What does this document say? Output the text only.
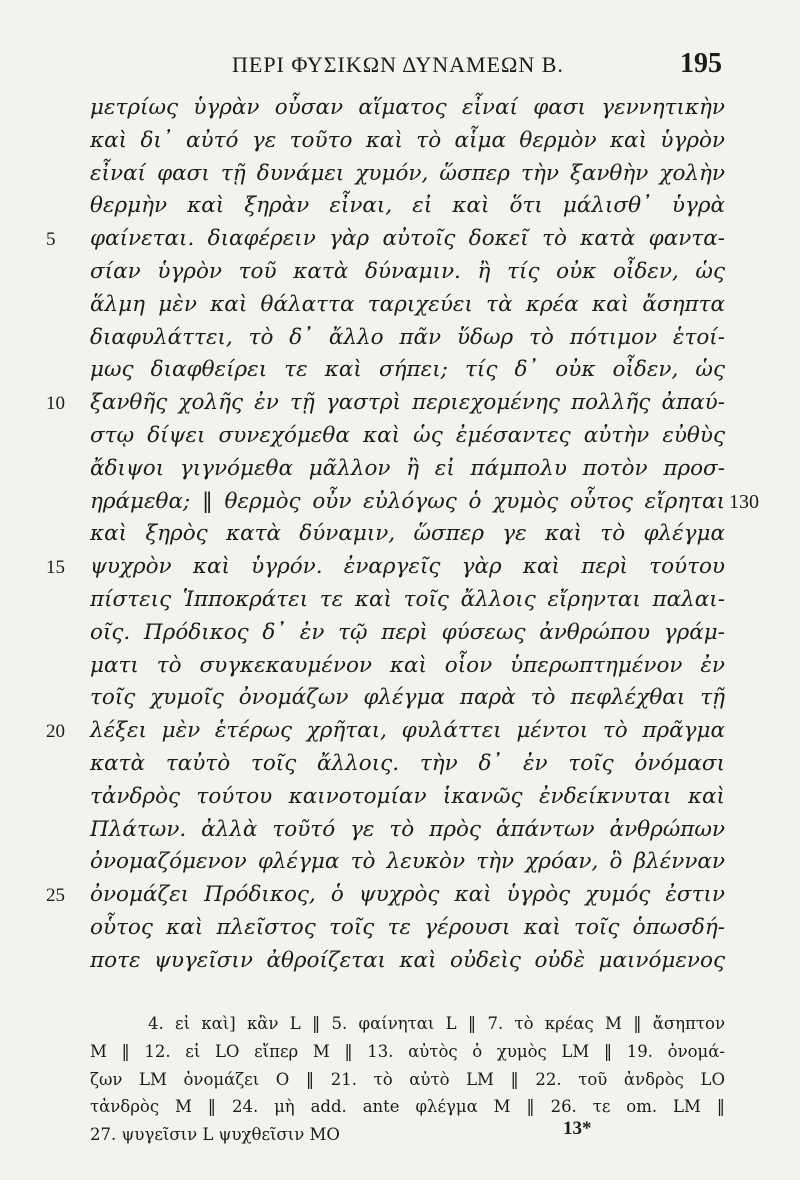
ΠΕΡΙ ΦΥΣΙΚΩΝ ΔΥΝΑΜΕΩΝ Β.	195
μετρίως ὑγρὰν οὖσαν αἵματος εἶναί φασι γεννητικὴν
καὶ δι᾽ αὐτό γε τοῦτο καὶ τὸ αἷμα θερμὸν καὶ ὑγρὸν
εἶναί φασι τῇ δυνάμει χυμόν, ὥσπερ τὴν ξανθὴν χολὴν
θερμὴν καὶ ξηρὰν εἶναι, εἰ καὶ ὅτι μάλισθ᾽ ὑγρὰ
5 φαίνεται. διαφέρειν γὰρ αὐτοῖς δοκεῖ τὸ κατὰ φαντα-
σίαν ὑγρὸν τοῦ κατὰ δύναμιν. ἢ τίς οὐκ οἶδεν, ὡς
ἅλμη μὲν καὶ θάλαττα ταριχεύει τὰ κρέα καὶ ἄσηπτα
διαφυλάττει, τὸ δ᾽ ἄλλο πᾶν ὕδωρ τὸ πότιμον ἑτοί-
μως διαφθείρει τε καὶ σήπει; τίς δ᾽ οὐκ οἶδεν, ὡς
10 ξανθῆς χολῆς ἐν τῇ γαστρὶ περιεχομένης πολλῆς ἀπαύ-
στῳ δίψει συνεχόμεθα καὶ ὡς ἐμέσαντες αὐτὴν εὐθὺς
ἄδιψοι γιγνόμεθα μᾶλλον ἢ εἰ πάμπολυ ποτὸν προσ-
ηράμεθα; ‖ θερμὸς οὖν εὐλόγως ὁ χυμὸς οὗτος εἴρηται 130
καὶ ξηρὸς κατὰ δύναμιν, ὥσπερ γε καὶ τὸ φλέγμα
15 ψυχρὸν καὶ ὑγρόν. ἐναργεῖς γὰρ καὶ περὶ τούτου
πίστεις Ἱπποκράτει τε καὶ τοῖς ἄλλοις εἴρηνται παλαι-
οῖς. Πρόδικος δ᾽ ἐν τῷ περὶ φύσεως ἀνθρώπου γράμ-
ματι τὸ συγκεκαυμένον καὶ οἷον ὑπερωπτημένον ἐν
τοῖς χυμοῖς ὀνομάζων φλέγμα παρὰ τὸ πεφλέχθαι τῇ
20 λέξει μὲν ἑτέρως χρῆται, φυλάττει μέντοι τὸ πρᾶγμα
κατὰ ταὐτὸ τοῖς ἄλλοις. τὴν δ᾽ ἐν τοῖς ὀνόμασι
τἀνδρὸς τούτου καινοτομίαν ἱκανῶς ἐνδείκνυται καὶ
Πλάτων. ἀλλὰ τοῦτό γε τὸ πρὸς ἁπάντων ἀνθρώπων
ὀνομαζόμενον φλέγμα τὸ λευκὸν τὴν χρόαν, ὃ βλένναν
25 ὀνομάζει Πρόδικος, ὁ ψυχρὸς καὶ ὑγρὸς χυμός ἐστιν
οὗτος καὶ πλεῖστος τοῖς τε γέρουσι καὶ τοῖς ὁπωσδή-
ποτε ψυγεῖσιν ἀθροίζεται καὶ οὐδεὶς οὐδὲ μαινόμενος
4. εἰ καὶ] κἂν L ‖ 5. φαίνηται L ‖ 7. τὸ κρέας M ‖ ἄσηπτον
M ‖ 12. εἰ LO εἴπερ M ‖ 13. αὐτὸς ὁ χυμὸς LM ‖ 19. ὀνομά-
ζων LM ὀνομάζει O ‖ 21. τὸ αὐτὸ LM ‖ 22. τοῦ ἀνδρὸς LO
τἀνδρὸς M ‖ 24. μὴ add. ante φλέγμα M ‖ 26. τε om. LM ‖
27. ψυγεῖσιν L ψυχθεῖσιν MO	13*
